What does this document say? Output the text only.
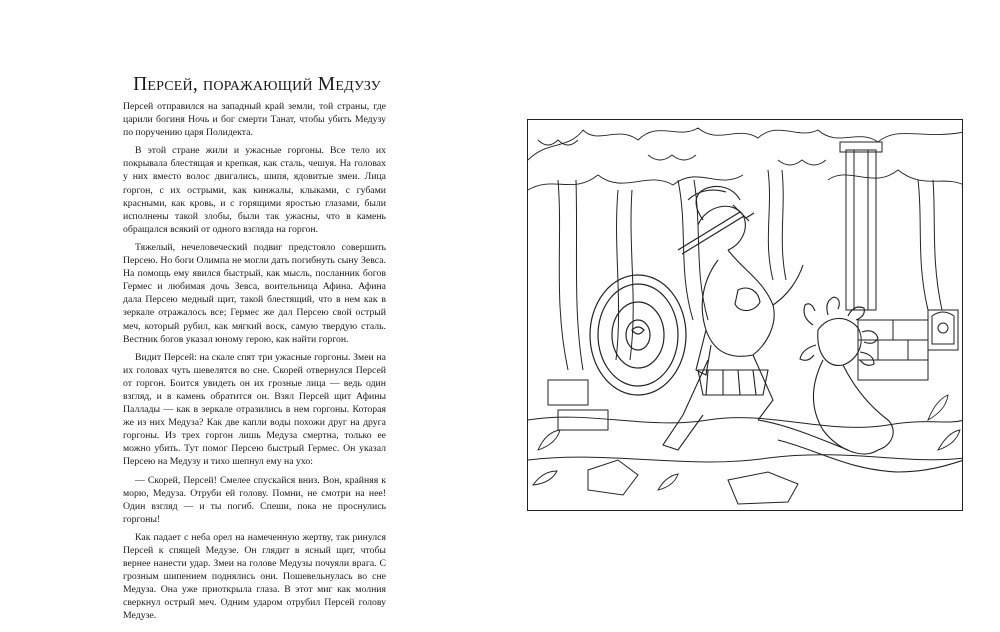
Персей, поражающий Медузу

Персей отправился на западный край земли, той страны, где царили богиня Ночь и бог смерти Танат, чтобы убить Медузу по поручению царя Полидекта.

В этой стране жили и ужасные горгоны. Все тело их покрывала блестящая и крепкая, как сталь, чешуя. На головах у них вместо волос двигались, шипя, ядовитые змеи. Лица горгон, с их острыми, как кинжалы, клыками, с губами красными, как кровь, и с горящими яростью глазами, были исполнены такой злобы, были так ужасны, что в камень обращался всякий от одного взгляда на горгон.

Тяжелый, нечеловеческий подвиг предстояло совершить Персею. Но боги Олимпа не могли дать погибнуть сыну Зевса. На помощь ему явился быстрый, как мысль, посланник богов Гермес и любимая дочь Зевса, воительница Афина. Афина дала Персею медный щит, такой блестящий, что в нем как в зеркале отражалось все; Гермес же дал Персею свой острый меч, который рубил, как мягкий воск, самую твердую сталь. Вестник богов указал юному герою, как найти горгон.

Видит Персей: на скале спят три ужасные горгоны. Змеи на их головах чуть шевелятся во сне. Скорей отвернулся Персей от горгон. Боится увидеть он их грозные лица — ведь один взгляд, и в камень обратится он. Взял Персей щит Афины Паллады — как в зеркале отразились в нем горгоны. Которая же из них Медуза? Как две капли воды похожи друг на друга горгоны. Из трех горгон лишь Медуза смертна, только ее можно убить. Тут помог Персею быстрый Гермес. Он указал Персею на Медузу и тихо шепнул ему на ухо:

— Скорей, Персей! Смелее спускайся вниз. Вон, крайняя к морю, Медуза. Отруби ей голову. Помни, не смотри на нее! Один взгляд — и ты погиб. Спеши, пока не проснулись горгоны!

Как падает с неба орел на намеченную жертву, так ринулся Персей к спящей Медузе. Он глядит в ясный щит, чтобы вернее нанести удар. Змеи на голове Медузы почуяли врага. С грозным шипением поднялись они. Пошевельнулась во сне Медуза. Она уже приоткрыла глаза. В этот миг как молния сверкнул острый меч. Одним ударом отрубил Персей голову Медузе.
